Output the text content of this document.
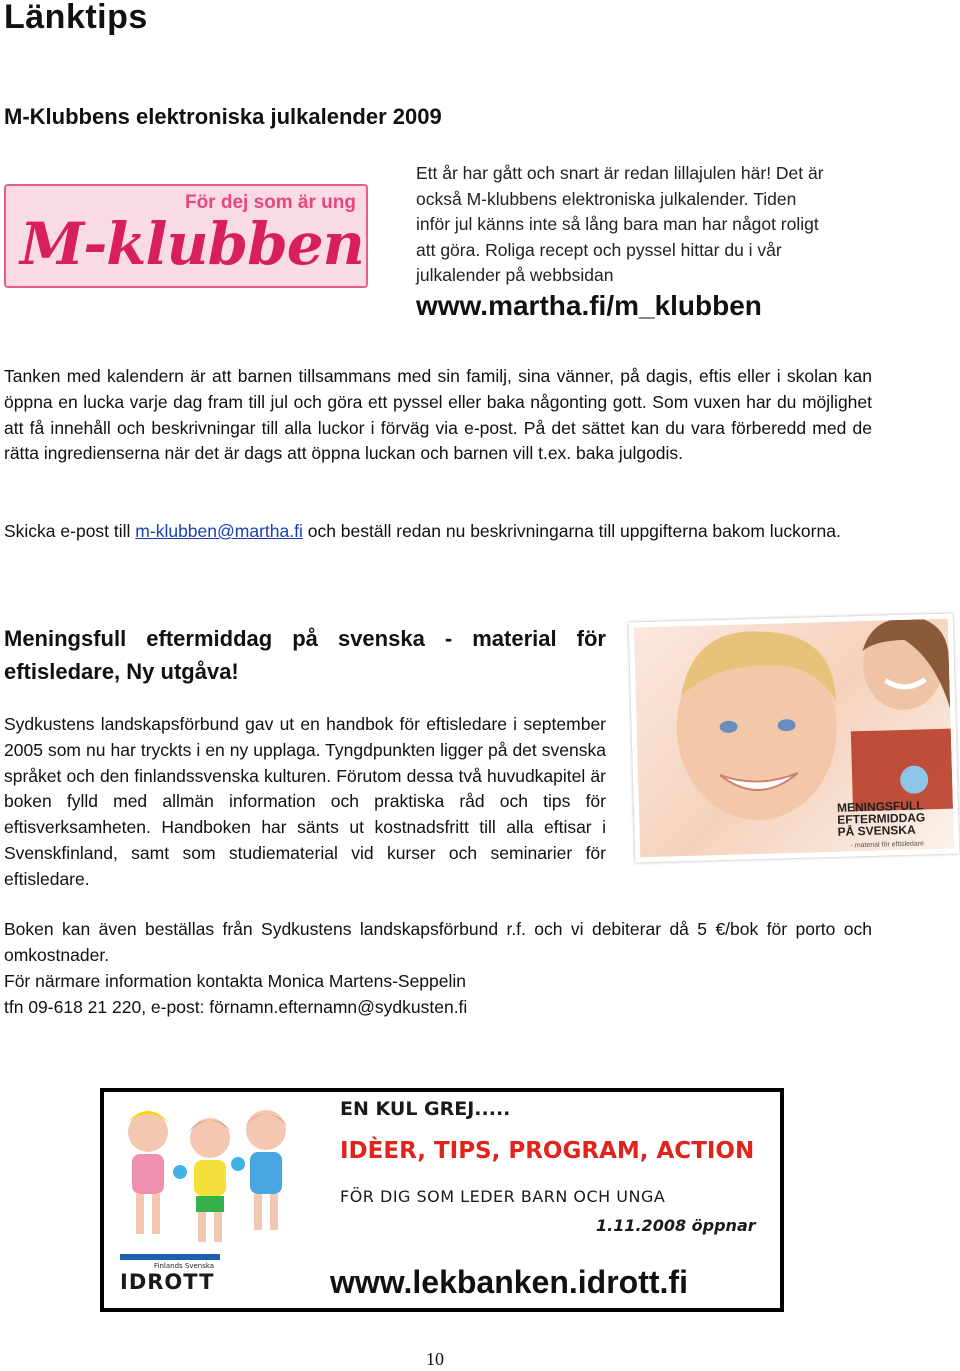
Länktips
M-Klubbens elektroniska julkalender 2009
För dej som är ung
M-klubben
Ett år har gått och snart är redan lillajulen här! Det är
också M-klubbens elektroniska julkalender. Tiden
inför jul känns inte så lång bara man har något roligt
att göra. Roliga recept och pyssel hittar du i vår
julkalender på webbsidan
www.martha.fi/m_klubben
Tanken med kalendern är att barnen tillsammans med sin familj, sina vänner, på dagis, eftis eller i skolan kan öppna en lucka varje dag fram till jul och göra ett pyssel eller baka någonting gott. Som vuxen har du möjlighet att få innehåll och beskrivningar till alla luckor i förväg via e-post. På det sättet kan du vara förberedd med de rätta ingredienserna när det är dags att öppna luckan och barnen vill t.ex. baka julgodis.
Skicka e-post till m-klubben@martha.fi och beställ redan nu beskrivningarna till uppgifterna bakom luckorna.
Meningsfull eftermiddag på svenska - material för eftisledare, Ny utgåva!
Sydkustens landskapsförbund gav ut en handbok för eftisledare i september 2005 som nu har tryckts i en ny upplaga. Tyngdpunkten ligger på det svenska språket och den finlandssvenska kulturen. Förutom dessa två huvudkapitel är boken fylld med allmän information och praktiska råd och tips för eftisverksamheten. Handboken har sänts ut kostnadsfritt till alla eftisar i Svenskfinland, samt som studiematerial vid kurser och seminarier för eftisledare.
MENINGSFULL
EFTERMIDDAG
PÅ SVENSKA
- material för eftisledare
Boken kan även beställas från Sydkustens landskapsförbund r.f. och vi debiterar då 5 €/bok för porto och omkostnader.
För närmare information kontakta Monica Martens-Seppelin
tfn 09-618 21 220, e-post: förnamn.efternamn@sydkusten.fi
Finlands Svenska
IDROTT
EN KUL GREJ.....
IDÈER, TIPS, PROGRAM, ACTION
FÖR DIG SOM LEDER BARN OCH UNGA
1.11.2008 öppnar
www.lekbanken.idrott.fi
10
